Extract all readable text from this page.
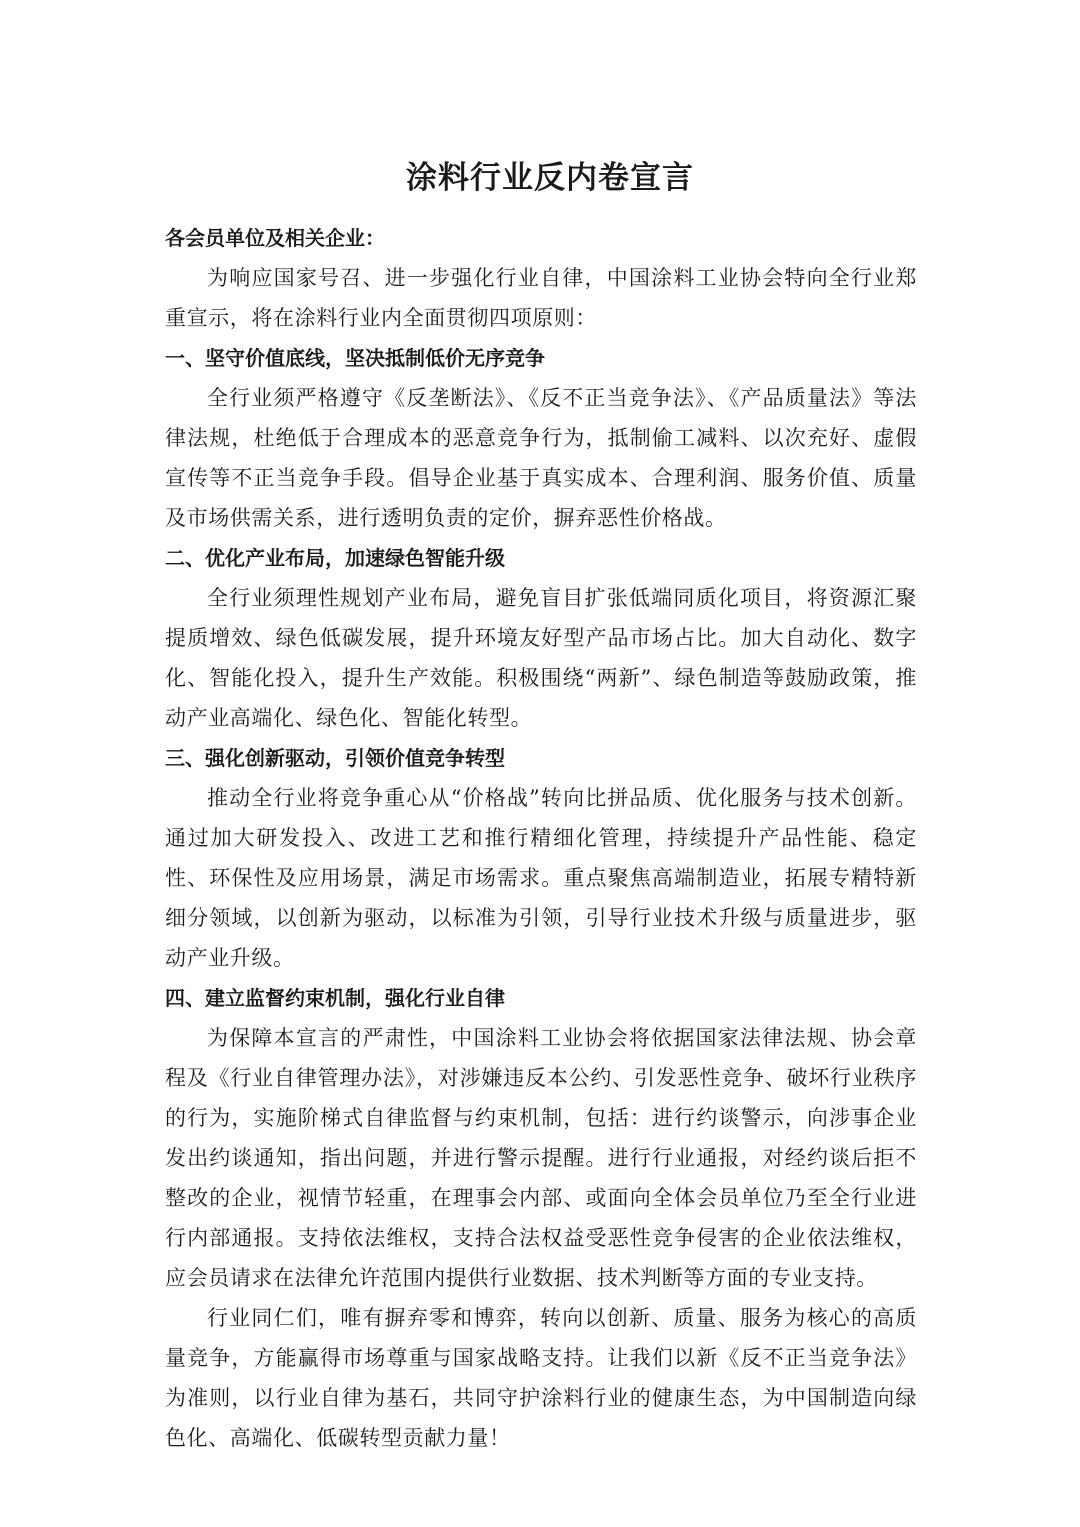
涂料行业反内卷宣言

各会员单位及相关企业：

为响应国家号召、进一步强化行业自律，中国涂料工业协会特向全行业郑重宣示，将在涂料行业内全面贯彻四项原则：

一、坚守价值底线，坚决抵制低价无序竞争

全行业须严格遵守《反垄断法》、《反不正当竞争法》、《产品质量法》等法律法规，杜绝低于合理成本的恶意竞争行为，抵制偷工减料、以次充好、虚假宣传等不正当竞争手段。倡导企业基于真实成本、合理利润、服务价值、质量及市场供需关系，进行透明负责的定价，摒弃恶性价格战。

二、优化产业布局，加速绿色智能升级

全行业须理性规划产业布局，避免盲目扩张低端同质化项目，将资源汇聚提质增效、绿色低碳发展，提升环境友好型产品市场占比。加大自动化、数字化、智能化投入，提升生产效能。积极围绕“两新”、绿色制造等鼓励政策，推动产业高端化、绿色化、智能化转型。

三、强化创新驱动，引领价值竞争转型

推动全行业将竞争重心从“价格战”转向比拼品质、优化服务与技术创新。通过加大研发投入、改进工艺和推行精细化管理，持续提升产品性能、稳定性、环保性及应用场景，满足市场需求。重点聚焦高端制造业，拓展专精特新细分领域，以创新为驱动，以标准为引领，引导行业技术升级与质量进步，驱动产业升级。

四、建立监督约束机制，强化行业自律

为保障本宣言的严肃性，中国涂料工业协会将依据国家法律法规、协会章程及《行业自律管理办法》，对涉嫌违反本公约、引发恶性竞争、破坏行业秩序的行为，实施阶梯式自律监督与约束机制，包括：进行约谈警示，向涉事企业发出约谈通知，指出问题，并进行警示提醒。进行行业通报，对经约谈后拒不整改的企业，视情节轻重，在理事会内部、或面向全体会员单位乃至全行业进行内部通报。支持依法维权，支持合法权益受恶性竞争侵害的企业依法维权，应会员请求在法律允许范围内提供行业数据、技术判断等方面的专业支持。

行业同仁们，唯有摒弃零和博弈，转向以创新、质量、服务为核心的高质量竞争，方能赢得市场尊重与国家战略支持。让我们以新《反不正当竞争法》为准则，以行业自律为基石，共同守护涂料行业的健康生态，为中国制造向绿色化、高端化、低碳转型贡献力量！
